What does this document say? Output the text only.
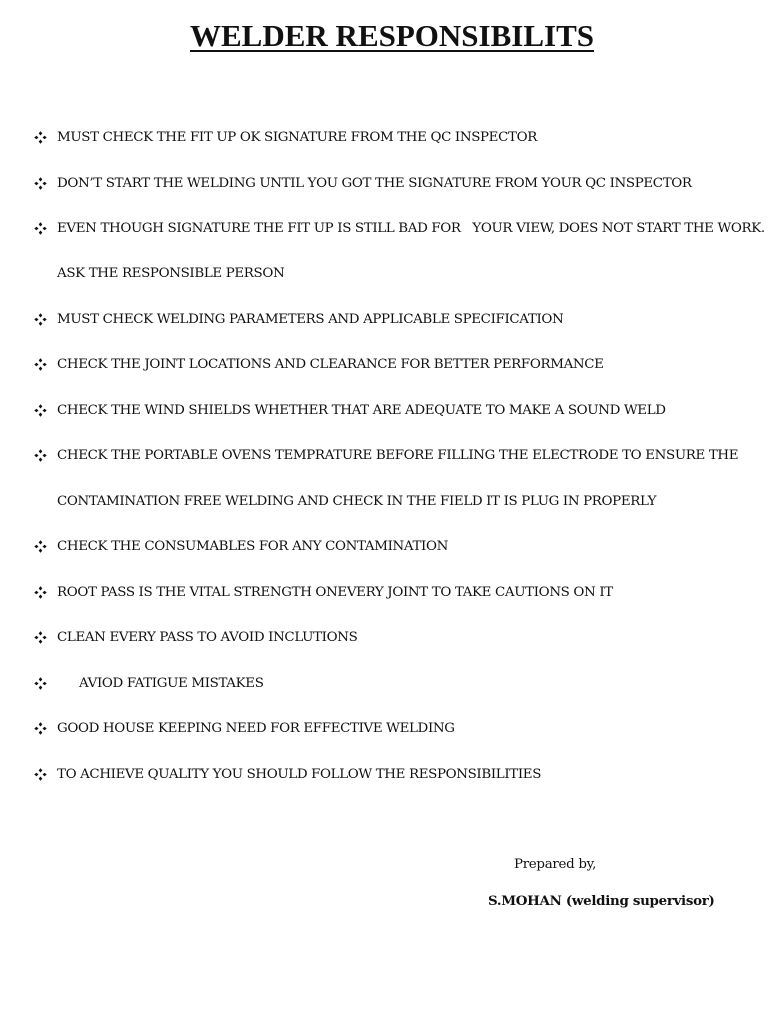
WELDER RESPONSIBILITS
MUST CHECK THE FIT UP OK SIGNATURE FROM THE QC INSPECTOR
DON’T START THE WELDING UNTIL YOU GOT THE SIGNATURE FROM YOUR QC INSPECTOR
EVEN THOUGH SIGNATURE THE FIT UP IS STILL BAD FOR   YOUR VIEW, DOES NOT START THE WORK.
ASK THE RESPONSIBLE PERSON
MUST CHECK WELDING PARAMETERS AND APPLICABLE SPECIFICATION
CHECK THE JOINT LOCATIONS AND CLEARANCE FOR BETTER PERFORMANCE
CHECK THE WIND SHIELDS WHETHER THAT ARE ADEQUATE TO MAKE A SOUND WELD
CHECK THE PORTABLE OVENS TEMPRATURE BEFORE FILLING THE ELECTRODE TO ENSURE THE
CONTAMINATION FREE WELDING AND CHECK IN THE FIELD IT IS PLUG IN PROPERLY
CHECK THE CONSUMABLES FOR ANY CONTAMINATION
ROOT PASS IS THE VITAL STRENGTH ONEVERY JOINT TO TAKE CAUTIONS ON IT
CLEAN EVERY PASS TO AVOID INCLUTIONS
AVIOD FATIGUE MISTAKES
GOOD HOUSE KEEPING NEED FOR EFFECTIVE WELDING
TO ACHIEVE QUALITY YOU SHOULD FOLLOW THE RESPONSIBILITIES
Prepared by,
S.MOHAN (welding supervisor)
